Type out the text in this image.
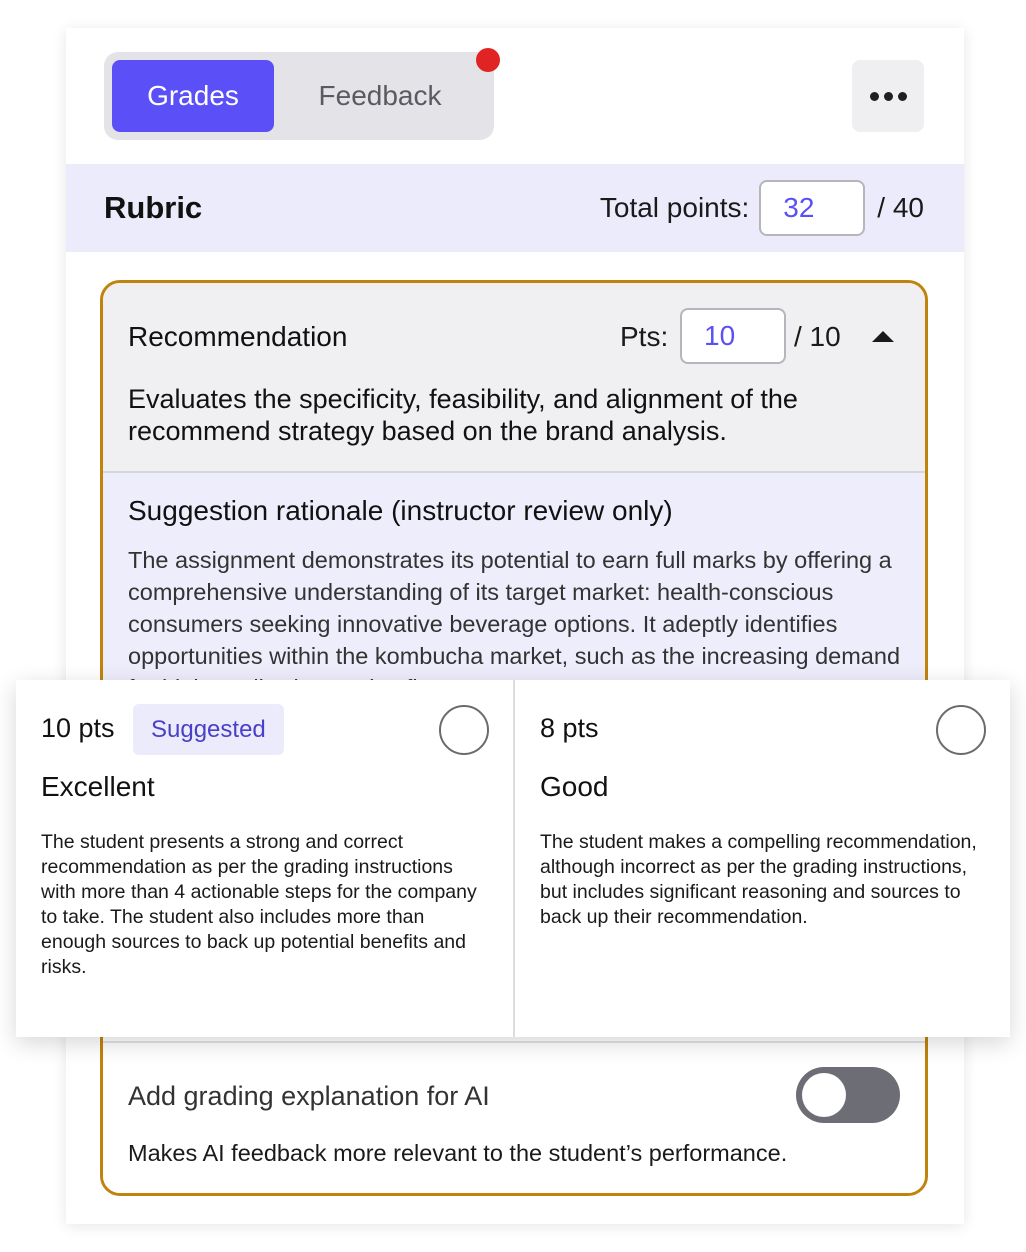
Grades	Feedback
Rubric	Total points:	32	/ 40
Recommendation	Pts:	10	/ 10
Evaluates the specificity, feasibility, and alignment of the recommend strategy based on the brand analysis.
Suggestion rationale (instructor review only)
The assignment demonstrates its potential to earn full marks by offering a comprehensive understanding of its target market: health-conscious consumers seeking innovative beverage options. It adeptly identifies opportunities within the kombucha market, such as the increasing demand
Add grading explanation for AI
Makes AI feedback more relevant to the student’s performance.
10 pts	Suggested
Excellent
The student presents a strong and correct recommendation as per the grading instructions with more than 4 actionable steps for the company to take. The student also includes more than enough sources to back up potential benefits and risks.
8 pts
Good
The student makes a compelling recommendation, although incorrect as per the grading instructions, but includes significant reasoning and sources to back up their recommendation.
